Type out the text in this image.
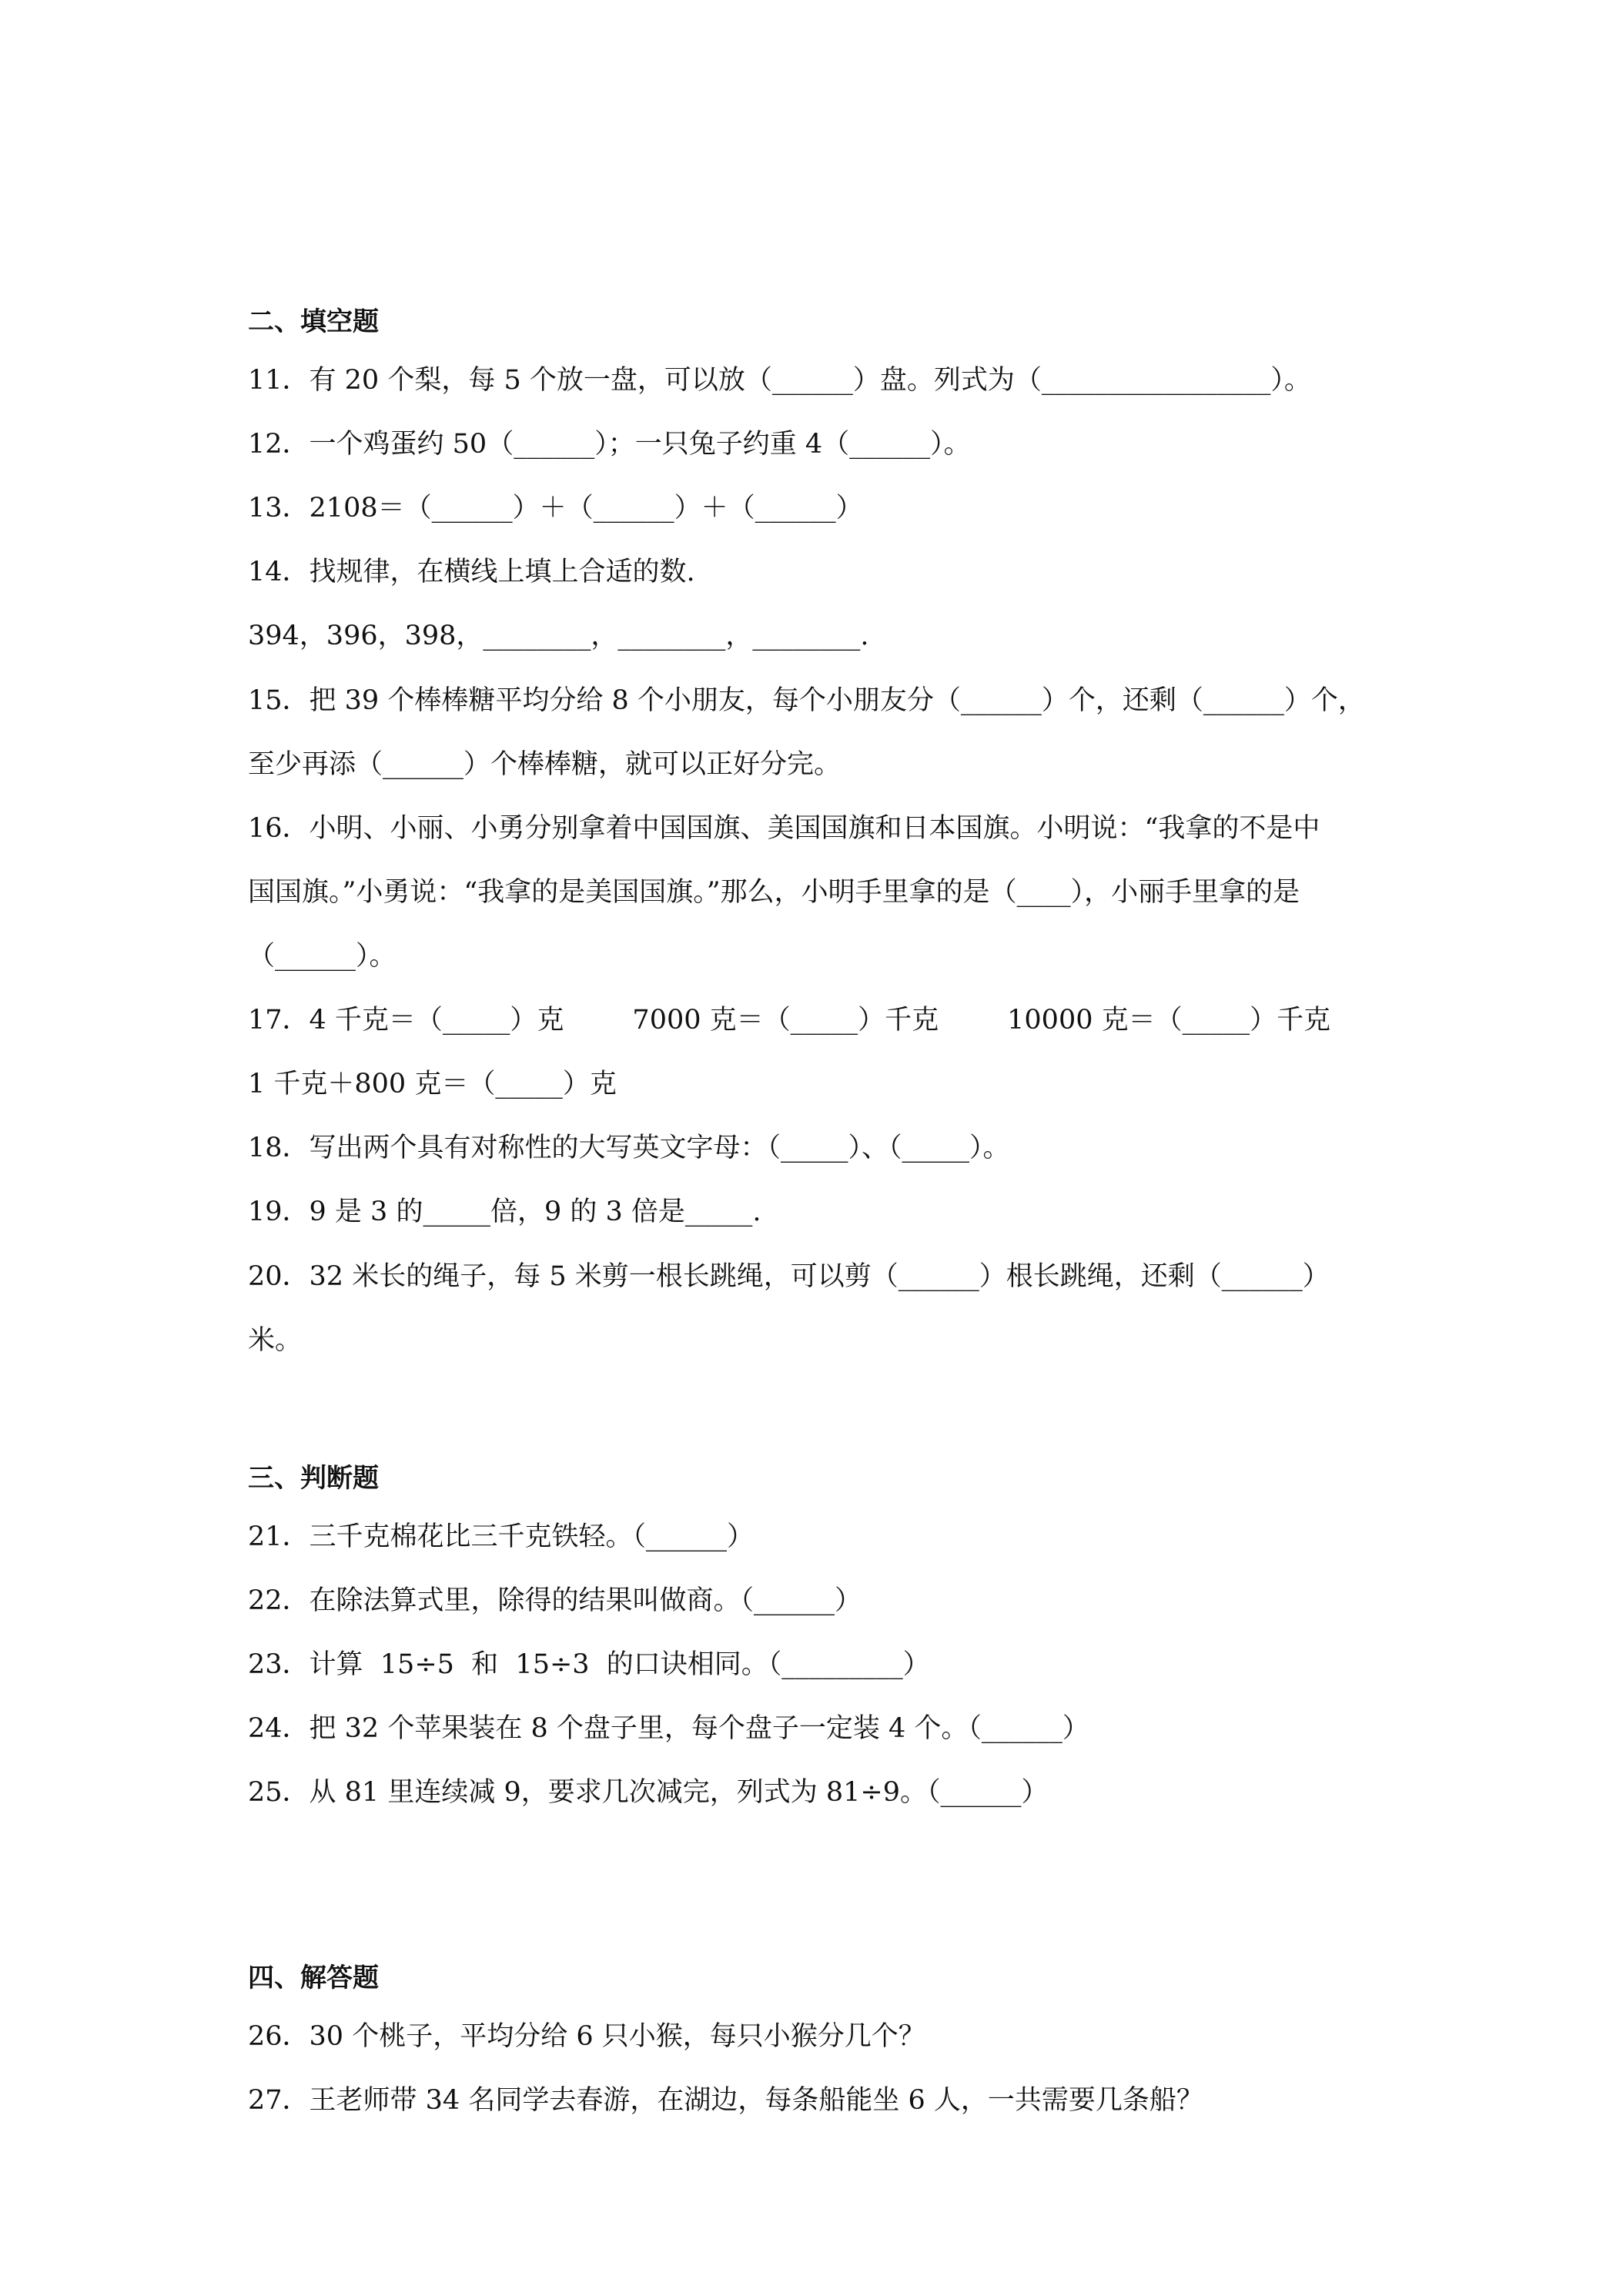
二、填空题
11．有 20 个梨，每 5 个放一盘，可以放（______）盘。列式为（_________________）。
12．一个鸡蛋约 50（______）；一只兔子约重 4（______）。
13．2108＝（______）＋（______）＋（______）
14．找规律，在横线上填上合适的数.
394，396，398，________，________，________.
15．把 39 个棒棒糖平均分给 8 个小朋友，每个小朋友分（______）个，还剩（______）个，
至少再添（______）个棒棒糖，就可以正好分完。
16．小明、小丽、小勇分别拿着中国国旗、美国国旗和日本国旗。小明说：“我拿的不是中
国国旗。”小勇说：“我拿的是美国国旗。”那么，小明手里拿的是（____），小丽手里拿的是
（______）。
17．4 千克＝（_____）克        7000 克＝（_____）千克        10000 克＝（_____）千克
1 千克＋800 克＝（_____）克
18．写出两个具有对称性的大写英文字母：（_____）、（_____）。
19．9 是 3 的_____倍，9 的 3 倍是_____.
20．32 米长的绳子，每 5 米剪一根长跳绳，可以剪（______）根长跳绳，还剩（______）
米。
三、判断题
21．三千克棉花比三千克铁轻。（______）
22．在除法算式里，除得的结果叫做商。（______）
23．计算  15÷5  和  15÷3  的口诀相同。（_________）
24．把 32 个苹果装在 8 个盘子里，每个盘子一定装 4 个。（______）
25．从 81 里连续减 9，要求几次减完，列式为 81÷9。（______）
四、解答题
26．30 个桃子，平均分给 6 只小猴，每只小猴分几个？
27．王老师带 34 名同学去春游，在湖边，每条船能坐 6 人，一共需要几条船？
